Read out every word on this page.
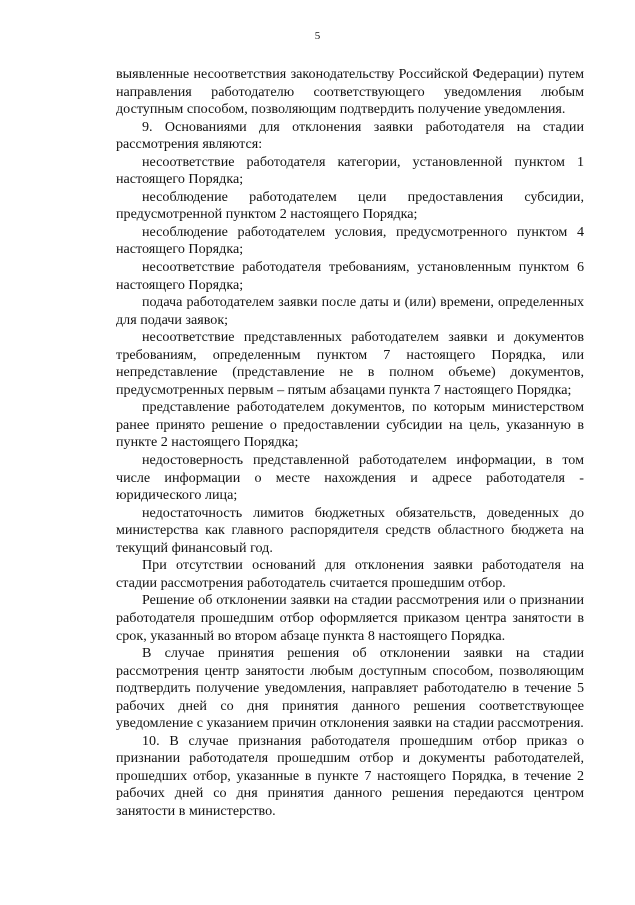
5

выявленные несоответствия законодательству Российской Федерации) путем направления работодателю соответствующего уведомления любым доступным способом, позволяющим подтвердить получение уведомления.

9. Основаниями для отклонения заявки работодателя на стадии рассмотрения являются:

несоответствие работодателя категории, установленной пунктом 1 настоящего Порядка;

несоблюдение работодателем цели предоставления субсидии, предусмотренной пунктом 2 настоящего Порядка;

несоблюдение работодателем условия, предусмотренного пунктом 4 настоящего Порядка;

несоответствие работодателя требованиям, установленным пунктом 6 настоящего Порядка;

подача работодателем заявки после даты и (или) времени, определенных для подачи заявок;

несоответствие представленных работодателем заявки и документов требованиям, определенным пунктом 7 настоящего Порядка, или непредставление (представление не в полном объеме) документов, предусмотренных первым – пятым абзацами пункта 7 настоящего Порядка;

представление работодателем документов, по которым министерством ранее принято решение о предоставлении субсидии на цель, указанную в пункте 2 настоящего Порядка;

недостоверность представленной работодателем информации, в том числе информации о месте нахождения и адресе работодателя - юридического лица;

недостаточность лимитов бюджетных обязательств, доведенных до министерства как главного распорядителя средств областного бюджета на текущий финансовый год.

При отсутствии оснований для отклонения заявки работодателя на стадии рассмотрения работодатель считается прошедшим отбор.

Решение об отклонении заявки на стадии рассмотрения или о признании работодателя прошедшим отбор оформляется приказом центра занятости в срок, указанный во втором абзаце пункта 8 настоящего Порядка.

В случае принятия решения об отклонении заявки на стадии рассмотрения центр занятости любым доступным способом, позволяющим подтвердить получение уведомления, направляет работодателю в течение 5 рабочих дней со дня принятия данного решения соответствующее уведомление с указанием причин отклонения заявки на стадии рассмотрения.

10. В случае признания работодателя прошедшим отбор приказ о признании работодателя прошедшим отбор и документы работодателей, прошедших отбор, указанные в пункте 7 настоящего Порядка, в течение 2 рабочих дней со дня принятия данного решения передаются центром занятости в министерство.
